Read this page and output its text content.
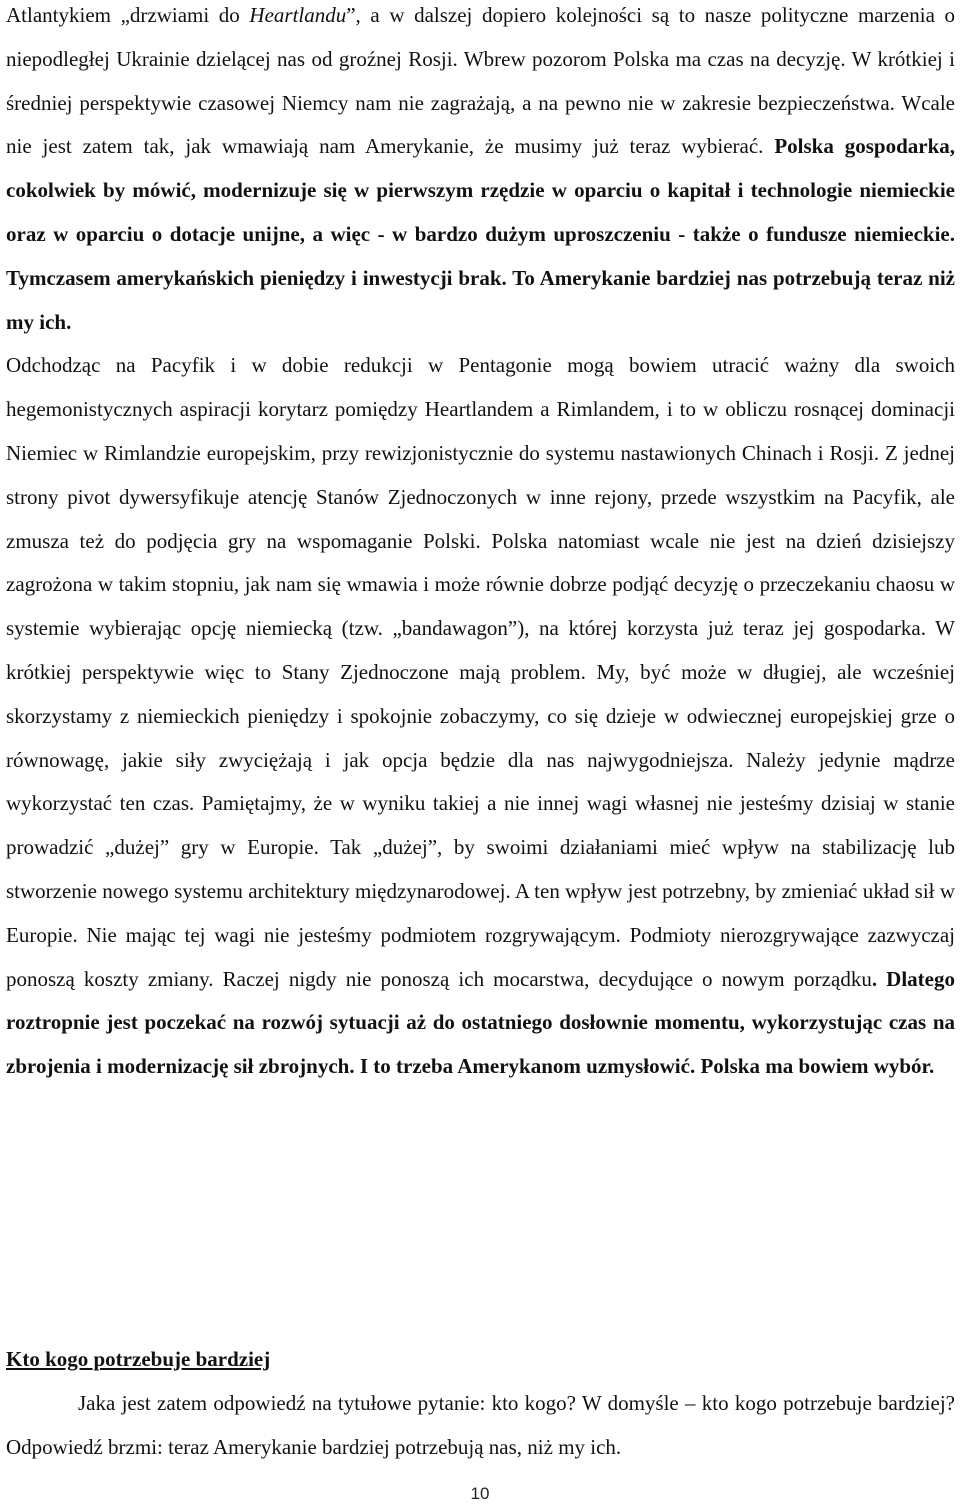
Atlantykiem „drzwiami do Heartlandu”, a w dalszej dopiero kolejności są to nasze polityczne marzenia o niepodległej Ukrainie dzielącej nas od groźnej Rosji. Wbrew pozorom Polska ma czas na decyzję. W krótkiej i średniej perspektywie czasowej Niemcy nam nie zagrażają, a na pewno nie w zakresie bezpieczeństwa. Wcale nie jest zatem tak, jak wmawiają nam Amerykanie, że musimy już teraz wybierać. Polska gospodarka, cokolwiek by mówić, modernizuje się w pierwszym rzędzie w oparciu o kapitał i technologie niemieckie oraz w oparciu o dotacje unijne, a więc - w bardzo dużym uproszczeniu - także o fundusze niemieckie. Tymczasem amerykańskich pieniędzy i inwestycji brak. To Amerykanie bardziej nas potrzebują teraz niż my ich.

Odchodząc na Pacyfik i w dobie redukcji w Pentagonie mogą bowiem utracić ważny dla swoich hegemonistycznych aspiracji korytarz pomiędzy Heartlandem a Rimlandem, i to w obliczu rosnącej dominacji Niemiec w Rimlandzie europejskim, przy rewizjonistycznie do systemu nastawionych Chinach i Rosji. Z jednej strony pivot dywersyfikuje atencję Stanów Zjednoczonych w inne rejony, przede wszystkim na Pacyfik, ale zmusza też do podjęcia gry na wspomaganie Polski. Polska natomiast wcale nie jest na dzień dzisiejszy zagrożona w takim stopniu, jak nam się wmawia i może równie dobrze podjąć decyzję o przeczekaniu chaosu w systemie wybierając opcję niemiecką (tzw. „bandawagon”), na której korzysta już teraz jej gospodarka. W krótkiej perspektywie więc to Stany Zjednoczone mają problem. My, być może w długiej, ale wcześniej skorzystamy z niemieckich pieniędzy i spokojnie zobaczymy, co się dzieje w odwiecznej europejskiej grze o równowagę, jakie siły zwyciężają i jak opcja będzie dla nas najwygodniejsza. Należy jedynie mądrze wykorzystać ten czas. Pamiętajmy, że w wyniku takiej a nie innej wagi własnej nie jesteśmy dzisiaj w stanie prowadzić „dużej” gry w Europie. Tak „dużej”, by swoimi działaniami mieć wpływ na stabilizację lub stworzenie nowego systemu architektury międzynarodowej. A ten wpływ jest potrzebny, by zmieniać układ sił w Europie. Nie mając tej wagi nie jesteśmy podmiotem rozgrywającym. Podmioty nierozgrywające zazwyczaj ponoszą koszty zmiany. Raczej nigdy nie ponoszą ich mocarstwa, decydujące o nowym porządku. Dlatego roztropnie jest poczekać na rozwój sytuacji aż do ostatniego dosłownie momentu, wykorzystując czas na zbrojenia i modernizację sił zbrojnych. I to trzeba Amerykanom uzmysłowić. Polska ma bowiem wybór.

Kto kogo potrzebuje bardziej

Jaka jest zatem odpowiedź na tytułowe pytanie: kto kogo? W domyśle – kto kogo potrzebuje bardziej? Odpowiedź brzmi: teraz Amerykanie bardziej potrzebują nas, niż my ich.

10
